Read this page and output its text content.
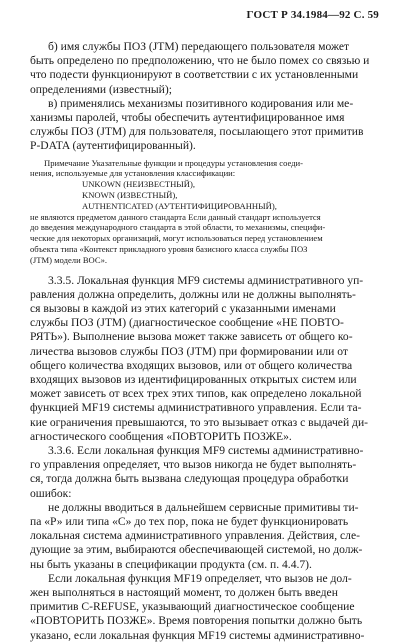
ГОСТ Р 34.1984—92 С. 59
б) имя службы ПОЗ (JTM) передающего пользователя может
быть определено по предположению, что не было помех со связью и
что подести функционируют в соответствии с их установленными
определениями (известный);
в) применялись механизмы позитивного кодирования или ме-
ханизмы паролей, чтобы обеспечить аутентифицированное имя
службы ПОЗ (JTM) для пользователя, посылающего этот примитив
P-DATA (аутентифицированный).
Примечание Указательные функции и процедуры установления соеди-
нения, используемые для установления классификации:
UNKOWN (НЕИЗВЕСТНЫЙ),
KNOWN (ИЗВЕСТНЫЙ),
AUTHENTICATED (АУТЕНТИФИЦИРОВАННЫЙ),
не являются предметом данного стандарта Если данный стандарт используется
до введения международного стандарта в этой области, то механизмы, специфи-
ческие для некоторых организаций, могут использоваться перед установлением
объекта типа «Контекст прикладного уровня базисного класса службы ПОЗ
(JTM) модели ВОС».
3.3.5. Локальная функция MF9 системы административного уп-
равления должна определить, должны или не должны выполнять-
ся вызовы в каждой из этих категорий с указанными именами
службы ПОЗ (JTM) (диагностическое сообщение «НЕ ПОВТО-
РЯТЬ»). Выполнение вызова может также зависеть от общего ко-
личества вызовов службы ПОЗ (JTM) при формировании или от
общего количества входящих вызовов, или от общего количества
входящих вызовов из идентифицированных открытых систем или
может зависеть от всех трех этих типов, как определено локальной
функцией MF19 системы административного управления. Если та-
кие ограничения превышаются, то это вызывает отказ с выдачей ди-
агностического сообщения «ПОВТОРИТЬ ПОЗЖЕ».
3.3.6. Если локальная функция MF9 системы административно-
го управления определяет, что вызов никогда не будет выполнять-
ся, тогда должна быть вызвана следующая процедура обработки
ошибок:
не должны вводиться в дальнейшем сервисные примитивы ти-
па «Р» или типа «С» до тех пор, пока не будет функционировать
локальная система административного управления. Действия, сле-
дующие за этим, выбираются обеспечивающей системой, но долж-
ны быть указаны в спецификации продукта (см. п. 4.4.7).
Если локальная функция MF19 определяет, что вызов не дол-
жен выполняться в настоящий момент, то должен быть введен
примитив C-REFUSE, указывающий диагностическое сообщение
«ПОВТОРИТЬ ПОЗЖЕ». Время повторения попытки должно быть
указано, если локальная функция MF19 системы административно-
